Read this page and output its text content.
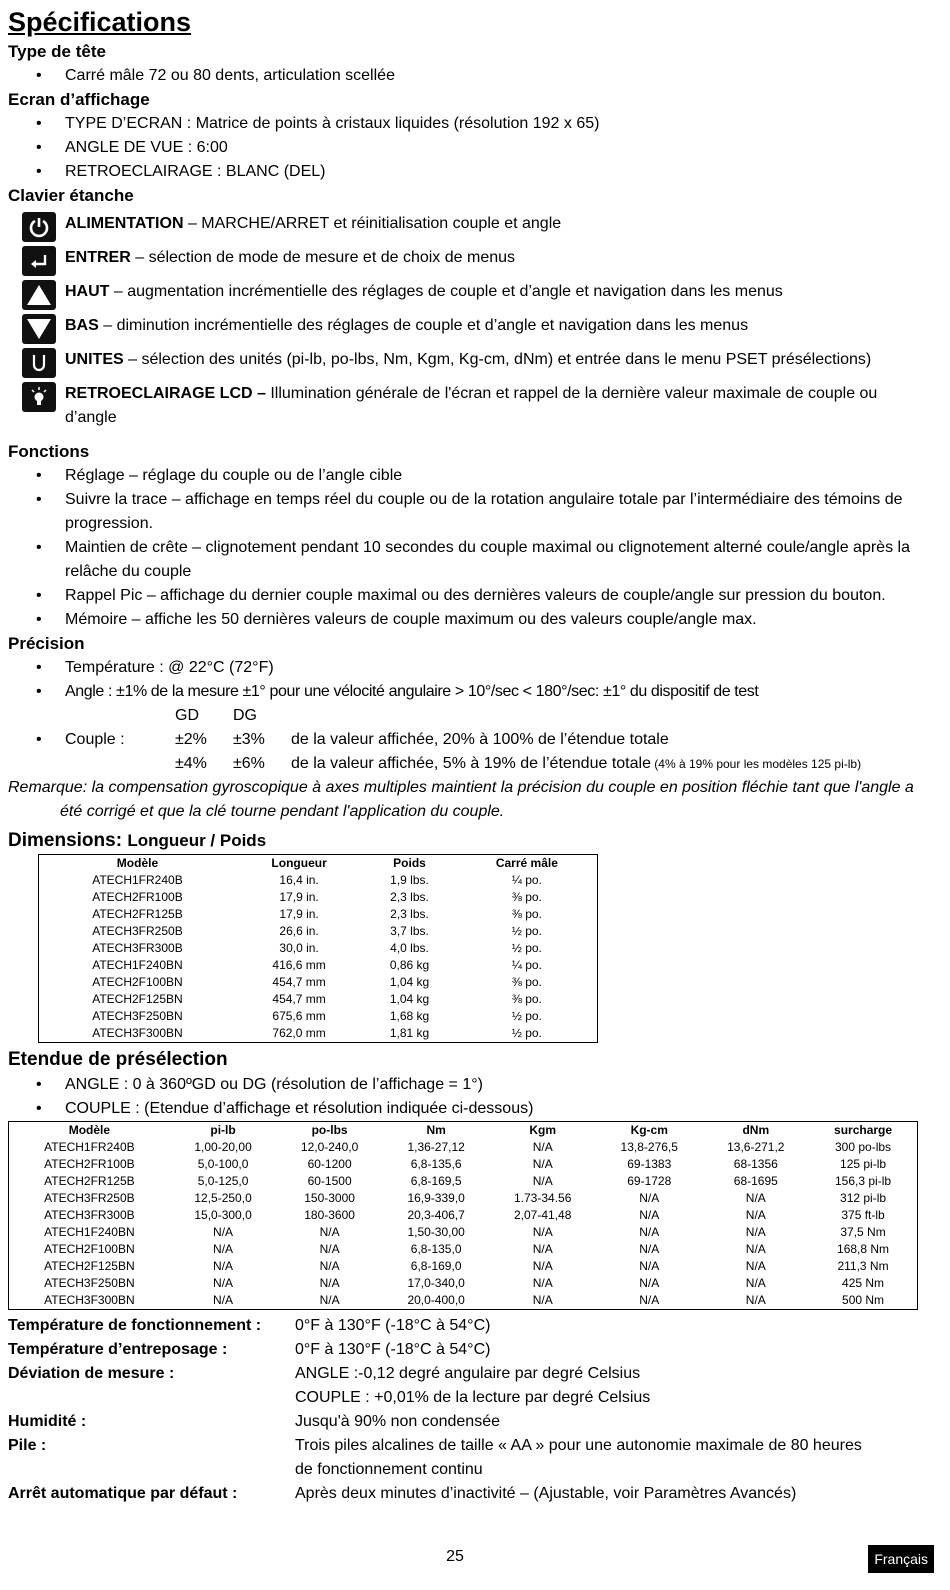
Spécifications
Type de tête
• Carré mâle 72 ou 80 dents, articulation scellée
Ecran d’affichage
• TYPE D’ECRAN : Matrice de points à cristaux liquides (résolution 192 x 65)
• ANGLE DE VUE : 6:00
• RETROECLAIRAGE : BLANC (DEL)
Clavier étanche
ALIMENTATION – MARCHE/ARRET et réinitialisation couple et angle
ENTRER – sélection de mode de mesure et de choix de menus
HAUT – augmentation incrémentielle des réglages de couple et d’angle et navigation dans les menus
BAS – diminution incrémentielle des réglages de couple et d’angle et navigation dans les menus
UNITES – sélection des unités (pi-lb, po-lbs, Nm, Kgm, Kg-cm, dNm) et entrée dans le menu PSET présélections)
RETROECLAIRAGE LCD – Illumination générale de l'écran et rappel de la dernière valeur maximale de couple ou d’angle
Fonctions
• Réglage – réglage du couple ou de l’angle cible
• Suivre la trace – affichage en temps réel du couple ou de la rotation angulaire totale par l’intermédiaire des témoins de progression.
• Maintien de crête – clignotement pendant 10 secondes du couple maximal ou clignotement alterné coule/angle après la relâche du couple
• Rappel Pic – affichage du dernier couple maximal ou des dernières valeurs de couple/angle sur pression du bouton.
• Mémoire – affiche les 50 dernières valeurs de couple maximum ou des valeurs couple/angle max.
Précision
• Température : @ 22°C (72°F)
• Angle : ±1% de la mesure ±1° pour une vélocité angulaire > 10°/sec < 180°/sec: ±1° du dispositif de test
GD	DG
•	Couple :	±2%	±3%	de la valeur affichée, 20% à 100% de l’étendue totale
±4%	±6%	de la valeur affichée, 5% à 19% de l’étendue totale (4% à 19% pour les modèles 125 pi-lb)
Remarque: la compensation gyroscopique à axes multiples maintient la précision du couple en position fléchie tant que l'angle a été corrigé et que la clé tourne pendant l'application du couple.
Dimensions: Longueur / Poids
Modèle	Longueur	Poids	Carré mâle
ATECH1FR240B	16,4 in.	1,9 lbs.	¼ po.
ATECH2FR100B	17,9 in.	2,3 lbs.	⅜ po.
ATECH2FR125B	17,9 in.	2,3 lbs.	⅜ po.
ATECH3FR250B	26,6 in.	3,7 lbs.	½ po.
ATECH3FR300B	30,0 in.	4,0 lbs.	½ po.
ATECH1F240BN	416,6 mm	0,86 kg	¼ po.
ATECH2F100BN	454,7 mm	1,04 kg	⅜ po.
ATECH2F125BN	454,7 mm	1,04 kg	⅜ po.
ATECH3F250BN	675,6 mm	1,68 kg	½ po.
ATECH3F300BN	762,0 mm	1,81 kg	½ po.
Etendue de présélection
• ANGLE : 0 à 360ºGD ou DG (résolution de l’affichage = 1°)
• COUPLE : (Etendue d’affichage et résolution indiquée ci-dessous)
Modèle	pi-lb	po-lbs	Nm	Kgm	Kg-cm	dNm	surcharge
ATECH1FR240B	1,00-20,00	12,0-240,0	1,36-27,12	N/A	13,8-276,5	13,6-271,2	300 po-lbs
ATECH2FR100B	5,0-100,0	60-1200	6,8-135,6	N/A	69-1383	68-1356	125 pi-lb
ATECH2FR125B	5,0-125,0	60-1500	6,8-169,5	N/A	69-1728	68-1695	156,3 pi-lb
ATECH3FR250B	12,5-250,0	150-3000	16,9-339,0	1.73-34.56	N/A	N/A	312 pi-lb
ATECH3FR300B	15,0-300,0	180-3600	20,3-406,7	2,07-41,48	N/A	N/A	375 ft-lb
ATECH1F240BN	N/A	N/A	1,50-30,00	N/A	N/A	N/A	37,5 Nm
ATECH2F100BN	N/A	N/A	6,8-135,0	N/A	N/A	N/A	168,8 Nm
ATECH2F125BN	N/A	N/A	6,8-169,0	N/A	N/A	N/A	211,3 Nm
ATECH3F250BN	N/A	N/A	17,0-340,0	N/A	N/A	N/A	425 Nm
ATECH3F300BN	N/A	N/A	20,0-400,0	N/A	N/A	N/A	500 Nm
Température de fonctionnement :	0°F à 130°F (-18°C à 54°C)
Température d’entreposage :	0°F à 130°F (-18°C à 54°C)
Déviation de mesure :	ANGLE :-0,12 degré angulaire par degré Celsius
COUPLE : +0,01% de la lecture par degré Celsius
Humidité :	Jusqu'à 90% non condensée
Pile :	Trois piles alcalines de taille « AA » pour une autonomie maximale de 80 heures de fonctionnement continu
Arrêt automatique par défaut :	Après deux minutes d’inactivité – (Ajustable, voir Paramètres Avancés)
25	Français
